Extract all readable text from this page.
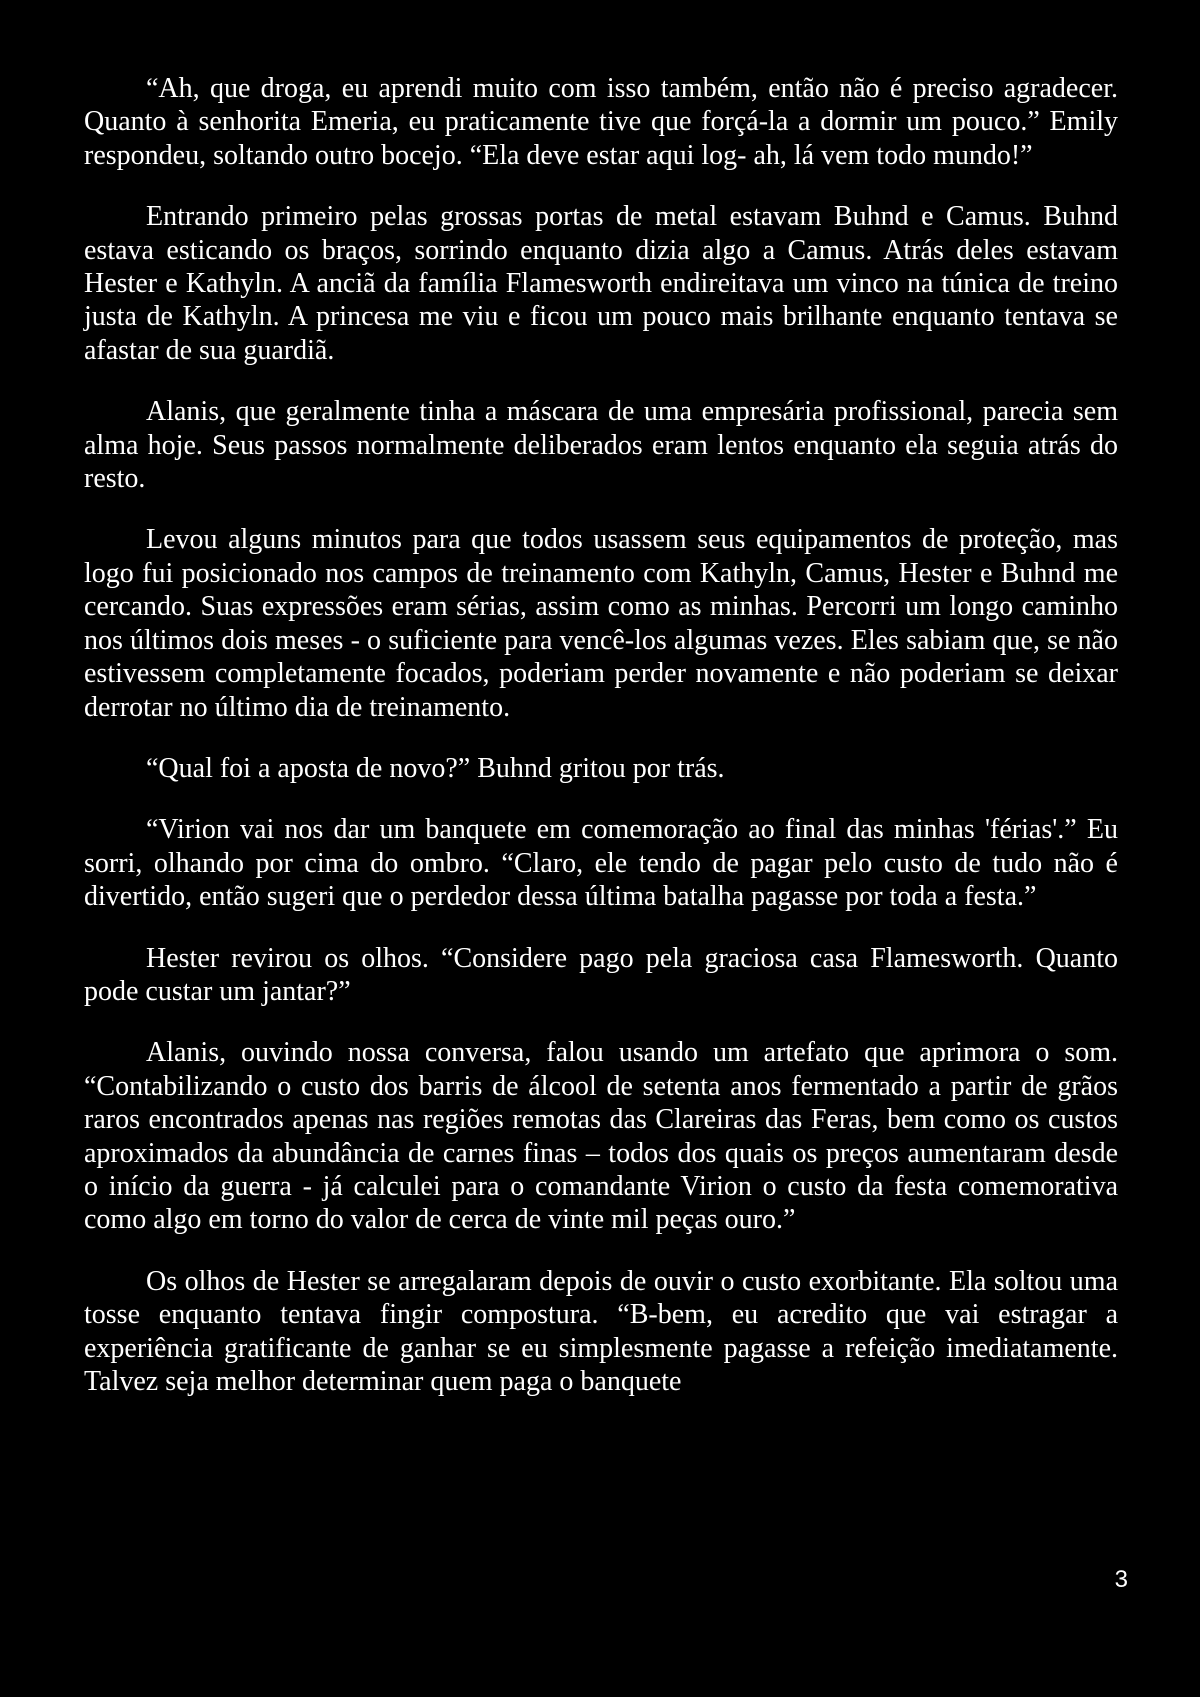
“Ah, que droga, eu aprendi muito com isso também, então não é preciso agradecer. Quanto à senhorita Emeria, eu praticamente tive que forçá-la a dormir um pouco.” Emily respondeu, soltando outro bocejo. “Ela deve estar aqui log- ah, lá vem todo mundo!”

Entrando primeiro pelas grossas portas de metal estavam Buhnd e Camus. Buhnd estava esticando os braços, sorrindo enquanto dizia algo a Camus. Atrás deles estavam Hester e Kathyln. A anciã da família Flamesworth endireitava um vinco na túnica de treino justa de Kathyln. A princesa me viu e ficou um pouco mais brilhante enquanto tentava se afastar de sua guardiã.

Alanis, que geralmente tinha a máscara de uma empresária profissional, parecia sem alma hoje. Seus passos normalmente deliberados eram lentos enquanto ela seguia atrás do resto.

Levou alguns minutos para que todos usassem seus equipamentos de proteção, mas logo fui posicionado nos campos de treinamento com Kathyln, Camus, Hester e Buhnd me cercando. Suas expressões eram sérias, assim como as minhas. Percorri um longo caminho nos últimos dois meses - o suficiente para vencê-los algumas vezes. Eles sabiam que, se não estivessem completamente focados, poderiam perder novamente e não poderiam se deixar derrotar no último dia de treinamento.

“Qual foi a aposta de novo?” Buhnd gritou por trás.

“Virion vai nos dar um banquete em comemoração ao final das minhas 'férias'.” Eu sorri, olhando por cima do ombro. “Claro, ele tendo de pagar pelo custo de tudo não é divertido, então sugeri que o perdedor dessa última batalha pagasse por toda a festa.”

Hester revirou os olhos. “Considere pago pela graciosa casa Flamesworth. Quanto pode custar um jantar?”

Alanis, ouvindo nossa conversa, falou usando um artefato que aprimora o som. “Contabilizando o custo dos barris de álcool de setenta anos fermentado a partir de grãos raros encontrados apenas nas regiões remotas das Clareiras das Feras, bem como os custos aproximados da abundância de carnes finas – todos dos quais os preços aumentaram desde o início da guerra - já calculei para o comandante Virion o custo da festa comemorativa como algo em torno do valor de cerca de vinte mil peças ouro.”

Os olhos de Hester se arregalaram depois de ouvir o custo exorbitante. Ela soltou uma tosse enquanto tentava fingir compostura. “B-bem, eu acredito que vai estragar a experiência gratificante de ganhar se eu simplesmente pagasse a refeição imediatamente. Talvez seja melhor determinar quem paga o banquete

3
